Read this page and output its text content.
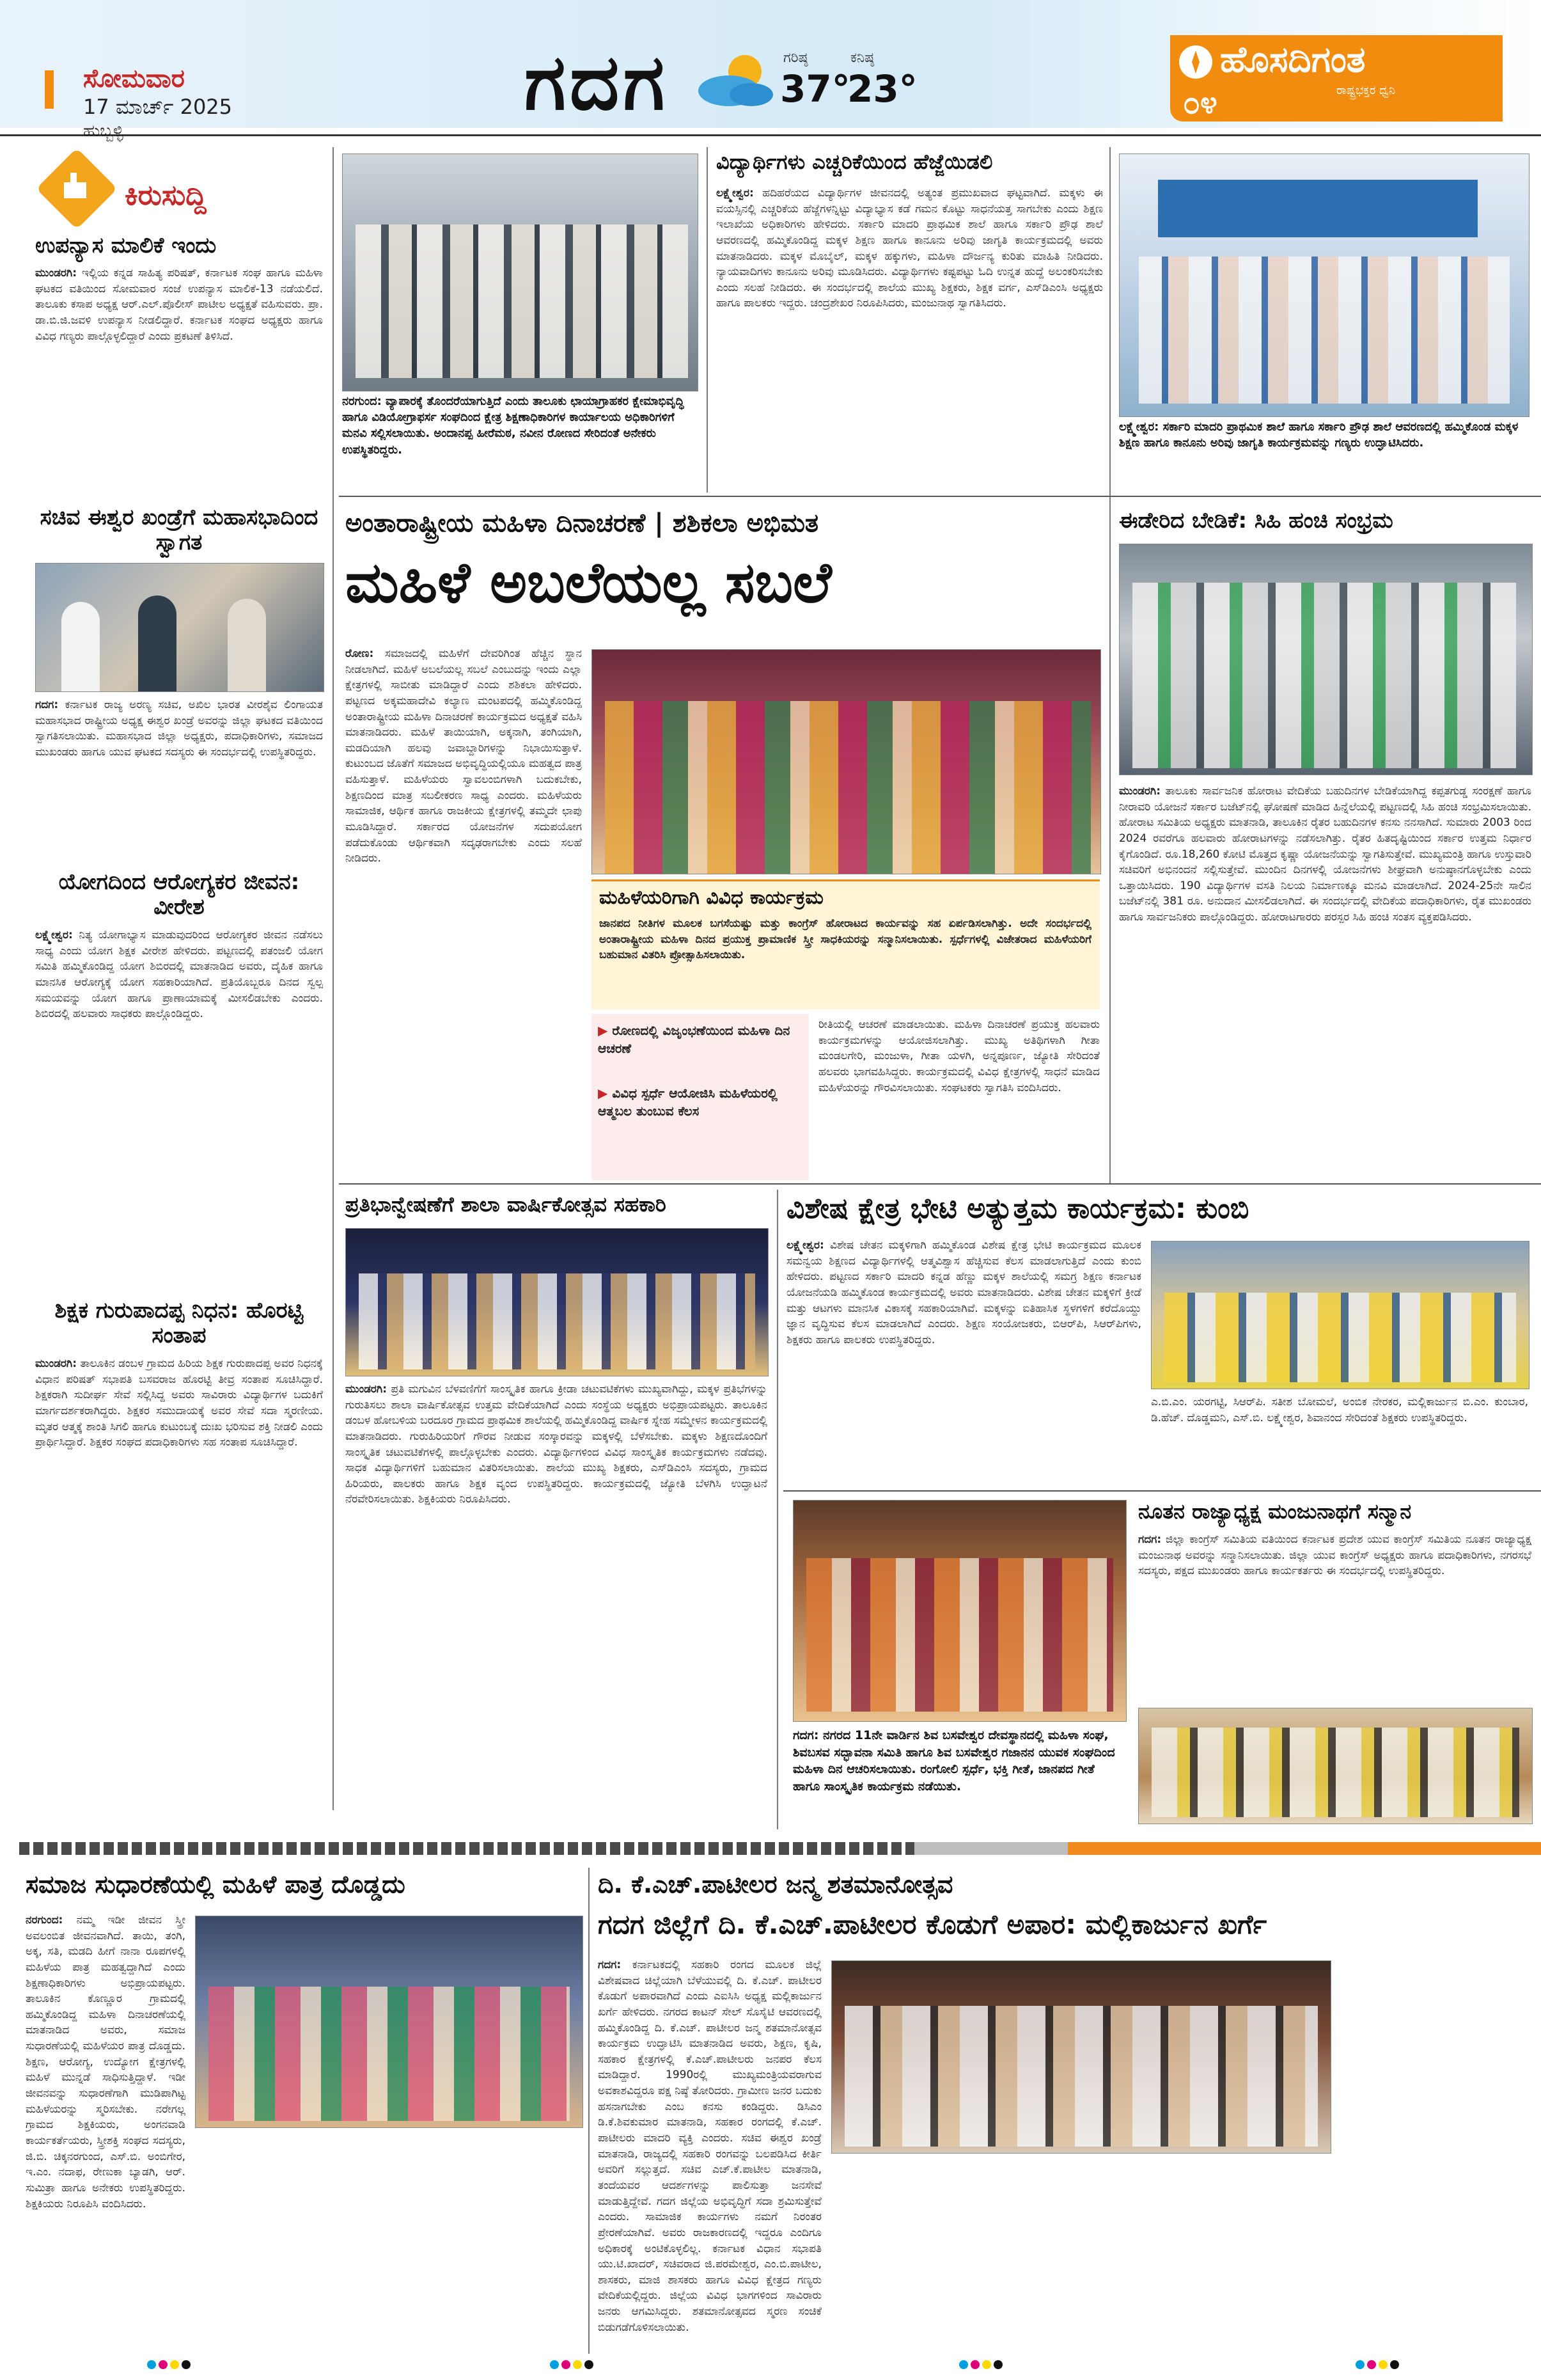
ಸೋಮವಾರ
17 ಮಾರ್ಚ್ 2025
ಹುಬ್ಬಳ್ಳಿ
ಗದಗ	ಗರಿಷ್ಠ
37°
ಕನಿಷ್ಠ
23°
ಹೊಸದಿಗಂತ
ರಾಷ್ಟ್ರಭಕ್ತರ ಧ್ವನಿ
೦೪
ಕಿರುಸುದ್ದಿ
ಉಪನ್ಯಾಸ ಮಾಲಿಕೆ ಇಂದು
ಮುಂಡರಗಿ: ಇಲ್ಲಿಯ ಕನ್ನಡ ಸಾಹಿತ್ಯ ಪರಿಷತ್, ಕರ್ನಾಟಕ ಸಂಘ ಹಾಗೂ ಮಹಿಳಾ ಘಟಕದ ವತಿಯಿಂದ ಸೋಮವಾರ ಸಂಜೆ ಉಪನ್ಯಾಸ ಮಾಲಿಕೆ-13 ನಡೆಯಲಿದೆ. ತಾಲೂಕು ಕಸಾಪ ಅಧ್ಯಕ್ಷ ಆರ್.ಎಲ್.ಪೊಲೀಸ್ ಪಾಟೀಲ ಅಧ್ಯಕ್ಷತೆ ವಹಿಸುವರು. ಪ್ರಾ. ಡಾ.ಬಿ.ಜಿ.ಜವಳಿ ಉಪನ್ಯಾಸ ನೀಡಲಿದ್ದಾರೆ. ಕರ್ನಾಟಕ ಸಂಘದ ಅಧ್ಯಕ್ಷರು ಹಾಗೂ ವಿವಿಧ ಗಣ್ಯರು ಪಾಲ್ಗೊಳ್ಳಲಿದ್ದಾರೆ ಎಂದು ಪ್ರಕಟಣೆ ತಿಳಿಸಿದೆ.
ಸಚಿವ ಈಶ್ವರ ಖಂಡ್ರೆಗೆ ಮಹಾಸಭಾದಿಂದ ಸ್ವಾಗತ
ಗದಗ: ಕರ್ನಾಟಕ ರಾಜ್ಯ ಅರಣ್ಯ ಸಚಿವ, ಅಖಿಲ ಭಾರತ ವೀರಶೈವ ಲಿಂಗಾಯತ ಮಹಾಸಭಾದ ರಾಷ್ಟ್ರೀಯ ಅಧ್ಯಕ್ಷ ಈಶ್ವರ ಖಂಡ್ರೆ ಅವರನ್ನು ಜಿಲ್ಲಾ ಘಟಕದ ವತಿಯಿಂದ ಸ್ವಾಗತಿಸಲಾಯಿತು. ಮಹಾಸಭಾದ ಜಿಲ್ಲಾ ಅಧ್ಯಕ್ಷರು, ಪದಾಧಿಕಾರಿಗಳು, ಸಮಾಜದ ಮುಖಂಡರು ಹಾಗೂ ಯುವ ಘಟಕದ ಸದಸ್ಯರು ಈ ಸಂದರ್ಭದಲ್ಲಿ ಉಪಸ್ಥಿತರಿದ್ದರು.
ಯೋಗದಿಂದ ಆರೋಗ್ಯಕರ ಜೀವನ: ವೀರೇಶ
ಲಕ್ಷ್ಮೇಶ್ವರ: ನಿತ್ಯ ಯೋಗಾಭ್ಯಾಸ ಮಾಡುವುದರಿಂದ ಆರೋಗ್ಯಕರ ಜೀವನ ನಡೆಸಲು ಸಾಧ್ಯ ಎಂದು ಯೋಗ ಶಿಕ್ಷಕ ವೀರೇಶ ಹೇಳಿದರು. ಪಟ್ಟಣದಲ್ಲಿ ಪತಂಜಲಿ ಯೋಗ ಸಮಿತಿ ಹಮ್ಮಿಕೊಂಡಿದ್ದ ಯೋಗ ಶಿಬಿರದಲ್ಲಿ ಮಾತನಾಡಿದ ಅವರು, ದೈಹಿಕ ಹಾಗೂ ಮಾನಸಿಕ ಆರೋಗ್ಯಕ್ಕೆ ಯೋಗ ಸಹಕಾರಿಯಾಗಿದೆ. ಪ್ರತಿಯೊಬ್ಬರೂ ದಿನದ ಸ್ವಲ್ಪ ಸಮಯವನ್ನು ಯೋಗ ಹಾಗೂ ಪ್ರಾಣಾಯಾಮಕ್ಕೆ ಮೀಸಲಿಡಬೇಕು ಎಂದರು. ಶಿಬಿರದಲ್ಲಿ ಹಲವಾರು ಸಾಧಕರು ಪಾಲ್ಗೊಂಡಿದ್ದರು.
ಶಿಕ್ಷಕ ಗುರುಪಾದಪ್ಪ ನಿಧನ: ಹೊರಟ್ಟಿ ಸಂತಾಪ
ಮುಂಡರಗಿ: ತಾಲೂಕಿನ ಡಂಬಳ ಗ್ರಾಮದ ಹಿರಿಯ ಶಿಕ್ಷಕ ಗುರುಪಾದಪ್ಪ ಅವರ ನಿಧನಕ್ಕೆ ವಿಧಾನ ಪರಿಷತ್ ಸಭಾಪತಿ ಬಸವರಾಜ ಹೊರಟ್ಟಿ ತೀವ್ರ ಸಂತಾಪ ಸೂಚಿಸಿದ್ದಾರೆ. ಶಿಕ್ಷಕರಾಗಿ ಸುದೀರ್ಘ ಸೇವೆ ಸಲ್ಲಿಸಿದ್ದ ಅವರು ಸಾವಿರಾರು ವಿದ್ಯಾರ್ಥಿಗಳ ಬದುಕಿಗೆ ಮಾರ್ಗದರ್ಶಕರಾಗಿದ್ದರು. ಶಿಕ್ಷಕರ ಸಮುದಾಯಕ್ಕೆ ಅವರ ಸೇವೆ ಸದಾ ಸ್ಮರಣೀಯ. ಮೃತರ ಆತ್ಮಕ್ಕೆ ಶಾಂತಿ ಸಿಗಲಿ ಹಾಗೂ ಕುಟುಂಬಕ್ಕೆ ದುಃಖ ಭರಿಸುವ ಶಕ್ತಿ ನೀಡಲಿ ಎಂದು ಪ್ರಾರ್ಥಿಸಿದ್ದಾರೆ. ಶಿಕ್ಷಕರ ಸಂಘದ ಪದಾಧಿಕಾರಿಗಳು ಸಹ ಸಂತಾಪ ಸೂಚಿಸಿದ್ದಾರೆ.
ನರಗುಂದ: ವ್ಯಾಪಾರಕ್ಕೆ ತೊಂದರೆಯಾಗುತ್ತಿದೆ ಎಂದು ತಾಲೂಕು ಛಾಯಾಗ್ರಾಹಕರ ಕ್ಷೇಮಾಭಿವೃದ್ಧಿ ಹಾಗೂ ವಿಡಿಯೋಗ್ರಾಫರ್ಸ ಸಂಘದಿಂದ ಕ್ಷೇತ್ರ ಶಿಕ್ಷಣಾಧಿಕಾರಿಗಳ ಕಾರ್ಯಾಲಯ ಅಧಿಕಾರಿಗಳಿಗೆ ಮನವಿ ಸಲ್ಲಿಸಲಾಯಿತು. ಅಂದಾನಪ್ಪ ಹೀರೆಮಠ, ನವೀನ ರೋಣದ ಸೇರಿದಂತೆ ಅನೇಕರು ಉಪಸ್ಥಿತರಿದ್ದರು.
ವಿದ್ಯಾರ್ಥಿಗಳು ಎಚ್ಚರಿಕೆಯಿಂದ ಹೆಜ್ಜೆಯಿಡಲಿ
ಲಕ್ಷ್ಮೇಶ್ವರ: ಹದಿಹರೆಯದ ವಿದ್ಯಾರ್ಥಿಗಳ ಜೀವನದಲ್ಲಿ ಅತ್ಯಂತ ಪ್ರಮುಖವಾದ ಘಟ್ಟವಾಗಿದೆ. ಮಕ್ಕಳು ಈ ವಯಸ್ಸಿನಲ್ಲಿ ಎಚ್ಚರಿಕೆಯ ಹೆಜ್ಜೆಗಳನ್ನಿಟ್ಟು ವಿದ್ಯಾಭ್ಯಾಸ ಕಡೆ ಗಮನ ಕೊಟ್ಟು ಸಾಧನೆಯತ್ತ ಸಾಗಬೇಕು ಎಂದು ಶಿಕ್ಷಣ ಇಲಾಖೆಯ ಅಧಿಕಾರಿಗಳು ಹೇಳಿದರು. ಸರ್ಕಾರಿ ಮಾದರಿ ಪ್ರಾಥಮಿಕ ಶಾಲೆ ಹಾಗೂ ಸರ್ಕಾರಿ ಪ್ರೌಢ ಶಾಲೆ ಆವರಣದಲ್ಲಿ ಹಮ್ಮಿಕೊಂಡಿದ್ದ ಮಕ್ಕಳ ಶಿಕ್ಷಣ ಹಾಗೂ ಕಾನೂನು ಅರಿವು ಜಾಗೃತಿ ಕಾರ್ಯಕ್ರಮದಲ್ಲಿ ಅವರು ಮಾತನಾಡಿದರು. ಮಕ್ಕಳ ಮೊಬೈಲ್, ಮಕ್ಕಳ ಹಕ್ಕುಗಳು, ಮಹಿಳಾ ದೌರ್ಜನ್ಯ ಕುರಿತು ಮಾಹಿತಿ ನೀಡಿದರು. ನ್ಯಾಯವಾದಿಗಳು ಕಾನೂನು ಅರಿವು ಮೂಡಿಸಿದರು. ವಿದ್ಯಾರ್ಥಿಗಳು ಕಷ್ಟಪಟ್ಟು ಓದಿ ಉನ್ನತ ಹುದ್ದೆ ಅಲಂಕರಿಸಬೇಕು ಎಂದು ಸಲಹೆ ನೀಡಿದರು. ಈ ಸಂದರ್ಭದಲ್ಲಿ ಶಾಲೆಯ ಮುಖ್ಯ ಶಿಕ್ಷಕರು, ಶಿಕ್ಷಕ ವರ್ಗ, ಎಸ್‌ಡಿಎಂಸಿ ಅಧ್ಯಕ್ಷರು ಹಾಗೂ ಪಾಲಕರು ಇದ್ದರು. ಚಂದ್ರಶೇಖರ ನಿರೂಪಿಸಿದರು, ಮಂಜುನಾಥ ಸ್ವಾಗತಿಸಿದರು.
ಲಕ್ಷ್ಮೇಶ್ವರ: ಸರ್ಕಾರಿ ಮಾದರಿ ಪ್ರಾಥಮಿಕ ಶಾಲೆ ಹಾಗೂ ಸರ್ಕಾರಿ ಪ್ರೌಢ ಶಾಲೆ ಆವರಣದಲ್ಲಿ ಹಮ್ಮಿಕೊಂಡ ಮಕ್ಕಳ ಶಿಕ್ಷಣ ಹಾಗೂ ಕಾನೂನು ಅರಿವು ಜಾಗೃತಿ ಕಾರ್ಯಕ್ರಮವನ್ನು ಗಣ್ಯರು ಉದ್ಘಾಟಿಸಿದರು.
ಅಂತಾರಾಷ್ಟ್ರೀಯ ಮಹಿಳಾ ದಿನಾಚರಣೆ | ಶಶಿಕಲಾ ಅಭಿಮತ
ಮಹಿಳೆ ಅಬಲೆಯಲ್ಲ ಸಬಲೆ
ರೋಣ: ಸಮಾಜದಲ್ಲಿ ಮಹಿಳೆಗೆ ದೇವರಿಗಿಂತ ಹೆಚ್ಚಿನ ಸ್ಥಾನ ನೀಡಲಾಗಿದೆ. ಮಹಿಳೆ ಅಬಲೆಯಲ್ಲ ಸಬಲೆ ಎಂಬುದನ್ನು ಇಂದು ಎಲ್ಲಾ ಕ್ಷೇತ್ರಗಳಲ್ಲಿ ಸಾಬೀತು ಮಾಡಿದ್ದಾರೆ ಎಂದು ಶಶಿಕಲಾ ಹೇಳಿದರು. ಪಟ್ಟಣದ ಅಕ್ಕಮಹಾದೇವಿ ಕಲ್ಯಾಣ ಮಂಟಪದಲ್ಲಿ ಹಮ್ಮಿಕೊಂಡಿದ್ದ ಅಂತಾರಾಷ್ಟ್ರೀಯ ಮಹಿಳಾ ದಿನಾಚರಣೆ ಕಾರ್ಯಕ್ರಮದ ಅಧ್ಯಕ್ಷತೆ ವಹಿಸಿ ಮಾತನಾಡಿದರು. ಮಹಿಳೆ ತಾಯಿಯಾಗಿ, ಅಕ್ಕನಾಗಿ, ತಂಗಿಯಾಗಿ, ಮಡದಿಯಾಗಿ ಹಲವು ಜವಾಬ್ದಾರಿಗಳನ್ನು ನಿಭಾಯಿಸುತ್ತಾಳೆ. ಕುಟುಂಬದ ಜೊತೆಗೆ ಸಮಾಜದ ಅಭಿವೃದ್ಧಿಯಲ್ಲಿಯೂ ಮಹತ್ವದ ಪಾತ್ರ ವಹಿಸುತ್ತಾಳೆ. ಮಹಿಳೆಯರು ಸ್ವಾವಲಂಬಿಗಳಾಗಿ ಬದುಕಬೇಕು, ಶಿಕ್ಷಣದಿಂದ ಮಾತ್ರ ಸಬಲೀಕರಣ ಸಾಧ್ಯ ಎಂದರು. ಮಹಿಳೆಯರು ಸಾಮಾಜಿಕ, ಆರ್ಥಿಕ ಹಾಗೂ ರಾಜಕೀಯ ಕ್ಷೇತ್ರಗಳಲ್ಲಿ ತಮ್ಮದೇ ಛಾಪು ಮೂಡಿಸಿದ್ದಾರೆ. ಸರ್ಕಾರದ ಯೋಜನೆಗಳ ಸದುಪಯೋಗ ಪಡೆದುಕೊಂಡು ಆರ್ಥಿಕವಾಗಿ ಸದೃಢರಾಗಬೇಕು ಎಂದು ಸಲಹೆ ನೀಡಿದರು.
ಮಹಿಳೆಯರಿಗಾಗಿ ವಿವಿಧ ಕಾರ್ಯಕ್ರಮ
ಜಾನಪದ ನೀತಿಗಳ ಮೂಲಕ ಬಗಸೆಯಷ್ಟು ಮತ್ತು ಕಾಂಗ್ರೆಸ್ ಹೋರಾಟದ ಕಾರ್ಯವನ್ನು ಸಹ ಏರ್ಪಡಿಸಲಾಗಿತ್ತು. ಅದೇ ಸಂದರ್ಭದಲ್ಲಿ ಅಂತಾರಾಷ್ಟ್ರೀಯ ಮಹಿಳಾ ದಿನದ ಪ್ರಯುಕ್ತ ಪ್ರಾಮಾಣಿಕ ಸ್ತ್ರೀ ಸಾಧಕಿಯರನ್ನು ಸನ್ಮಾನಿಸಲಾಯಿತು. ಸ್ಪರ್ಧೆಗಳಲ್ಲಿ ವಿಜೇತರಾದ ಮಹಿಳೆಯರಿಗೆ ಬಹುಮಾನ ವಿತರಿಸಿ ಪ್ರೋತ್ಸಾಹಿಸಲಾಯಿತು.
▶ ರೋಣದಲ್ಲಿ ವಿಜೃಂಭಣೆಯಿಂದ ಮಹಿಳಾ ದಿನ ಆಚರಣೆ
▶ ವಿವಿಧ ಸ್ಪರ್ಧೆ ಆಯೋಜಿಸಿ ಮಹಿಳೆಯರಲ್ಲಿ ಆತ್ಮಬಲ ತುಂಬುವ ಕೆಲಸ
ರೀತಿಯಲ್ಲಿ ಆಚರಣೆ ಮಾಡಲಾಯಿತು. ಮಹಿಳಾ ದಿನಾಚರಣೆ ಪ್ರಯುಕ್ತ ಹಲವಾರು ಕಾರ್ಯಕ್ರಮಗಳನ್ನು ಆಯೋಜಿಸಲಾಗಿತ್ತು. ಮುಖ್ಯ ಅತಿಥಿಗಳಾಗಿ ಗೀತಾ ಮಂಡಲಗೇರಿ, ಮಂಜುಳಾ, ಗೀತಾ ಯಳಗಿ, ಅನ್ನಪೂರ್ಣ, ಜ್ಯೋತಿ ಸೇರಿದಂತೆ ಹಲವರು ಭಾಗವಹಿಸಿದ್ದರು. ಕಾರ್ಯಕ್ರಮದಲ್ಲಿ ವಿವಿಧ ಕ್ಷೇತ್ರಗಳಲ್ಲಿ ಸಾಧನೆ ಮಾಡಿದ ಮಹಿಳೆಯರನ್ನು ಗೌರವಿಸಲಾಯಿತು. ಸಂಘಟಕರು ಸ್ವಾಗತಿಸಿ ವಂದಿಸಿದರು.
ಈಡೇರಿದ ಬೇಡಿಕೆ: ಸಿಹಿ ಹಂಚಿ ಸಂಭ್ರಮ
ಮುಂಡರಗಿ: ತಾಲೂಕು ಸಾರ್ವಜನಿಕ ಹೋರಾಟ ವೇದಿಕೆಯ ಬಹುದಿನಗಳ ಬೇಡಿಕೆಯಾಗಿದ್ದ ಕಪ್ಪತಗುಡ್ಡ ಸಂರಕ್ಷಣೆ ಹಾಗೂ ನೀರಾವರಿ ಯೋಜನೆ ಸರ್ಕಾರ ಬಜೆಟ್‌ನಲ್ಲಿ ಘೋಷಣೆ ಮಾಡಿದ ಹಿನ್ನೆಲೆಯಲ್ಲಿ ಪಟ್ಟಣದಲ್ಲಿ ಸಿಹಿ ಹಂಚಿ ಸಂಭ್ರಮಿಸಲಾಯಿತು. ಹೋರಾಟ ಸಮಿತಿಯ ಅಧ್ಯಕ್ಷರು ಮಾತನಾಡಿ, ತಾಲೂಕಿನ ರೈತರ ಬಹುದಿನಗಳ ಕನಸು ನನಸಾಗಿದೆ. ಸುಮಾರು 2003 ರಿಂದ 2024 ರವರೆಗೂ ಹಲವಾರು ಹೋರಾಟಗಳನ್ನು ನಡೆಸಲಾಗಿತ್ತು. ರೈತರ ಹಿತದೃಷ್ಟಿಯಿಂದ ಸರ್ಕಾರ ಉತ್ತಮ ನಿರ್ಧಾರ ಕೈಗೊಂಡಿದೆ. ರೂ.18,260 ಕೋಟಿ ಮೊತ್ತದ ಕೃಷ್ಣಾ ಯೋಜನೆಯನ್ನು ಸ್ವಾಗತಿಸುತ್ತೇವೆ. ಮುಖ್ಯಮಂತ್ರಿ ಹಾಗೂ ಉಸ್ತುವಾರಿ ಸಚಿವರಿಗೆ ಅಭಿನಂದನೆ ಸಲ್ಲಿಸುತ್ತೇವೆ. ಮುಂದಿನ ದಿನಗಳಲ್ಲಿ ಯೋಜನೆಗಳು ಶೀಘ್ರವಾಗಿ ಅನುಷ್ಠಾನಗೊಳ್ಳಬೇಕು ಎಂದು ಒತ್ತಾಯಿಸಿದರು. 190 ವಿದ್ಯಾರ್ಥಿಗಳ ವಸತಿ ನಿಲಯ ನಿರ್ಮಾಣಕ್ಕೂ ಮನವಿ ಮಾಡಲಾಗಿದೆ. 2024-25ನೇ ಸಾಲಿನ ಬಜೆಟ್‌ನಲ್ಲಿ 381 ರೂ. ಅನುದಾನ ಮೀಸಲಿಡಲಾಗಿದೆ. ಈ ಸಂದರ್ಭದಲ್ಲಿ ವೇದಿಕೆಯ ಪದಾಧಿಕಾರಿಗಳು, ರೈತ ಮುಖಂಡರು ಹಾಗೂ ಸಾರ್ವಜನಿಕರು ಪಾಲ್ಗೊಂಡಿದ್ದರು. ಹೋರಾಟಗಾರರು ಪರಸ್ಪರ ಸಿಹಿ ಹಂಚಿ ಸಂತಸ ವ್ಯಕ್ತಪಡಿಸಿದರು.
ಪ್ರತಿಭಾನ್ವೇಷಣೆಗೆ ಶಾಲಾ ವಾರ್ಷಿಕೋತ್ಸವ ಸಹಕಾರಿ
ಮುಂಡರಗಿ: ಪ್ರತಿ ಮಗುವಿನ ಬೆಳವಣಿಗೆಗೆ ಸಾಂಸ್ಕೃತಿಕ ಹಾಗೂ ಕ್ರೀಡಾ ಚಟುವಟಿಕೆಗಳು ಮುಖ್ಯವಾಗಿದ್ದು, ಮಕ್ಕಳ ಪ್ರತಿಭೆಗಳನ್ನು ಗುರುತಿಸಲು ಶಾಲಾ ವಾರ್ಷಿಕೋತ್ಸವ ಉತ್ತಮ ವೇದಿಕೆಯಾಗಿದೆ ಎಂದು ಸಂಸ್ಥೆಯ ಅಧ್ಯಕ್ಷರು ಅಭಿಪ್ರಾಯಪಟ್ಟರು. ತಾಲೂಕಿನ ಡಂಬಳ ಹೋಬಳಿಯ ಬರದೂರ ಗ್ರಾಮದ ಪ್ರಾಥಮಿಕ ಶಾಲೆಯಲ್ಲಿ ಹಮ್ಮಿಕೊಂಡಿದ್ದ ವಾರ್ಷಿಕ ಸ್ನೇಹ ಸಮ್ಮೇಳನ ಕಾರ್ಯಕ್ರಮದಲ್ಲಿ ಮಾತನಾಡಿದರು. ಗುರುಹಿರಿಯರಿಗೆ ಗೌರವ ನೀಡುವ ಸಂಸ್ಕಾರವನ್ನು ಮಕ್ಕಳಲ್ಲಿ ಬೆಳೆಸಬೇಕು. ಮಕ್ಕಳು ಶಿಕ್ಷಣದೊಂದಿಗೆ ಸಾಂಸ್ಕೃತಿಕ ಚಟುವಟಿಕೆಗಳಲ್ಲಿ ಪಾಲ್ಗೊಳ್ಳಬೇಕು ಎಂದರು. ವಿದ್ಯಾರ್ಥಿಗಳಿಂದ ವಿವಿಧ ಸಾಂಸ್ಕೃತಿಕ ಕಾರ್ಯಕ್ರಮಗಳು ನಡೆದವು. ಸಾಧಕ ವಿದ್ಯಾರ್ಥಿಗಳಿಗೆ ಬಹುಮಾನ ವಿತರಿಸಲಾಯಿತು. ಶಾಲೆಯ ಮುಖ್ಯ ಶಿಕ್ಷಕರು, ಎಸ್‌ಡಿಎಂಸಿ ಸದಸ್ಯರು, ಗ್ರಾಮದ ಹಿರಿಯರು, ಪಾಲಕರು ಹಾಗೂ ಶಿಕ್ಷಕ ವೃಂದ ಉಪಸ್ಥಿತರಿದ್ದರು. ಕಾರ್ಯಕ್ರಮದಲ್ಲಿ ಜ್ಯೋತಿ ಬೆಳಗಿಸಿ ಉದ್ಘಾಟನೆ ನೆರವೇರಿಸಲಾಯಿತು. ಶಿಕ್ಷಕಿಯರು ನಿರೂಪಿಸಿದರು.
ವಿಶೇಷ ಕ್ಷೇತ್ರ ಭೇಟಿ ಅತ್ಯುತ್ತಮ ಕಾರ್ಯಕ್ರಮ: ಕುಂಬಿ
ಲಕ್ಷ್ಮೇಶ್ವರ: ವಿಶೇಷ ಚೇತನ ಮಕ್ಕಳಿಗಾಗಿ ಹಮ್ಮಿಕೊಂಡ ವಿಶೇಷ ಕ್ಷೇತ್ರ ಭೇಟಿ ಕಾರ್ಯಕ್ರಮದ ಮೂಲಕ ಸಮನ್ವಯ ಶಿಕ್ಷಣದ ವಿದ್ಯಾರ್ಥಿಗಳಲ್ಲಿ ಆತ್ಮವಿಶ್ವಾಸ ಹೆಚ್ಚಿಸುವ ಕೆಲಸ ಮಾಡಲಾಗುತ್ತಿದೆ ಎಂದು ಕುಂಬಿ ಹೇಳಿದರು. ಪಟ್ಟಣದ ಸರ್ಕಾರಿ ಮಾದರಿ ಕನ್ನಡ ಹೆಣ್ಣು ಮಕ್ಕಳ ಶಾಲೆಯಲ್ಲಿ ಸಮಗ್ರ ಶಿಕ್ಷಣ ಕರ್ನಾಟಕ ಯೋಜನೆಯಡಿ ಹಮ್ಮಿಕೊಂಡ ಕಾರ್ಯಕ್ರಮದಲ್ಲಿ ಅವರು ಮಾತನಾಡಿದರು. ವಿಶೇಷ ಚೇತನ ಮಕ್ಕಳಿಗೆ ಕ್ರೀಡೆ ಮತ್ತು ಆಟಗಳು ಮಾನಸಿಕ ವಿಕಾಸಕ್ಕೆ ಸಹಕಾರಿಯಾಗಿವೆ. ಮಕ್ಕಳನ್ನು ಐತಿಹಾಸಿಕ ಸ್ಥಳಗಳಿಗೆ ಕರೆದೊಯ್ದು ಜ್ಞಾನ ವೃದ್ಧಿಸುವ ಕೆಲಸ ಮಾಡಲಾಗಿದೆ ಎಂದರು. ಶಿಕ್ಷಣ ಸಂಯೋಜಕರು, ಬಿಆರ್‌ಪಿ, ಸಿಆರ್‌ಪಿಗಳು, ಶಿಕ್ಷಕರು ಹಾಗೂ ಪಾಲಕರು ಉಪಸ್ಥಿತರಿದ್ದರು.
ಎ.ಬಿ.ಎಂ. ಯರಗಟ್ಟಿ, ಸಿಆರ್‌ಪಿ. ಸತೀಶ ಬೋಮಲೆ, ಅಂಬಿಕ ನೇರಕರ, ಮಲ್ಲಿಕಾರ್ಜುನ ಬಿ.ಎಂ. ಕುಂಬಾರ, ಡಿ.ಹೆಚ್. ದೊಡ್ಡಮನಿ, ಎಸ್.ಬಿ. ಲಕ್ಷ್ಮೇಶ್ವರ, ಶಿವಾನಂದ ಸೇರಿದಂತೆ ಶಿಕ್ಷಕರು ಉಪಸ್ಥಿತರಿದ್ದರು.
ಗದಗ: ನಗರದ 11ನೇ ವಾರ್ಡಿನ ಶಿವ ಬಸವೇಶ್ವರ ದೇವಸ್ಥಾನದಲ್ಲಿ ಮಹಿಳಾ ಸಂಘ, ಶಿವಬಸವ ಸದ್ಭಾವನಾ ಸಮಿತಿ ಹಾಗೂ ಶಿವ ಬಸವೇಶ್ವರ ಗಜಾನನ ಯುವಕ ಸಂಘದಿಂದ ಮಹಿಳಾ ದಿನ ಆಚರಿಸಲಾಯಿತು. ರಂಗೋಲಿ ಸ್ಪರ್ಧೆ, ಭಕ್ತಿ ಗೀತೆ, ಜಾನಪದ ಗೀತೆ ಹಾಗೂ ಸಾಂಸ್ಕೃತಿಕ ಕಾರ್ಯಕ್ರಮ ನಡೆಯಿತು.
ನೂತನ ರಾಜ್ಯಾಧ್ಯಕ್ಷ ಮಂಜುನಾಥಗೆ ಸನ್ಮಾನ
ಗದಗ: ಜಿಲ್ಲಾ ಕಾಂಗ್ರೆಸ್ ಸಮಿತಿಯ ವತಿಯಿಂದ ಕರ್ನಾಟಕ ಪ್ರದೇಶ ಯುವ ಕಾಂಗ್ರೆಸ್ ಸಮಿತಿಯ ನೂತನ ರಾಜ್ಯಾಧ್ಯಕ್ಷ ಮಂಜುನಾಥ ಅವರನ್ನು ಸನ್ಮಾನಿಸಲಾಯಿತು. ಜಿಲ್ಲಾ ಯುವ ಕಾಂಗ್ರೆಸ್ ಅಧ್ಯಕ್ಷರು ಹಾಗೂ ಪದಾಧಿಕಾರಿಗಳು, ನಗರಸಭೆ ಸದಸ್ಯರು, ಪಕ್ಷದ ಮುಖಂಡರು ಹಾಗೂ ಕಾರ್ಯಕರ್ತರು ಈ ಸಂದರ್ಭದಲ್ಲಿ ಉಪಸ್ಥಿತರಿದ್ದರು.
ಸಮಾಜ ಸುಧಾರಣೆಯಲ್ಲಿ ಮಹಿಳೆ ಪಾತ್ರ ದೊಡ್ಡದು
ನರಗುಂದ: ನಮ್ಮ ಇಡೀ ಜೀವನ ಸ್ತ್ರೀ ಅವಲಂಬಿತ ಜೀವನವಾಗಿದೆ. ತಾಯಿ, ತಂಗಿ, ಅಕ್ಕ, ಸತಿ, ಮಡದಿ ಹೀಗೆ ನಾನಾ ರೂಪಗಳಲ್ಲಿ ಮಹಿಳೆಯ ಪಾತ್ರ ಮಹತ್ವದ್ದಾಗಿದೆ ಎಂದು ಶಿಕ್ಷಣಾಧಿಕಾರಿಗಳು ಅಭಿಪ್ರಾಯಪಟ್ಟರು. ತಾಲೂಕಿನ ಕೊಣ್ಣೂರ ಗ್ರಾಮದಲ್ಲಿ ಹಮ್ಮಿಕೊಂಡಿದ್ದ ಮಹಿಳಾ ದಿನಾಚರಣೆಯಲ್ಲಿ ಮಾತನಾಡಿದ ಅವರು, ಸಮಾಜ ಸುಧಾರಣೆಯಲ್ಲಿ ಮಹಿಳೆಯರ ಪಾತ್ರ ದೊಡ್ಡದು. ಶಿಕ್ಷಣ, ಆರೋಗ್ಯ, ಉದ್ಯೋಗ ಕ್ಷೇತ್ರಗಳಲ್ಲಿ ಮಹಿಳೆ ಮುನ್ನಡೆ ಸಾಧಿಸುತ್ತಿದ್ದಾಳೆ. ಇಡೀ ಜೀವನವನ್ನು ಸುಧಾರಣೆಗಾಗಿ ಮುಡಿಪಾಗಿಟ್ಟ ಮಹಿಳೆಯರನ್ನು ಸ್ಮರಿಸಬೇಕು. ನರೇಗಲ್ಲ ಗ್ರಾಮದ ಶಿಕ್ಷಕಿಯರು, ಅಂಗನವಾಡಿ ಕಾರ್ಯಕರ್ತೆಯರು, ಸ್ತ್ರೀಶಕ್ತಿ ಸಂಘದ ಸದಸ್ಯರು, ಜಿ.ಬಿ. ಚಿಕ್ಕನರಗುಂದ, ಎಸ್.ಬಿ. ಅಂಬಿಗೇರ, ಇ.ಎಂ. ನದಾಫ, ರೇಣುಕಾ ಬ್ಯಾಡಗಿ, ಆರ್. ಸುಮಿತ್ರಾ ಹಾಗೂ ಅನೇಕರು ಉಪಸ್ಥಿತರಿದ್ದರು. ಶಿಕ್ಷಕಿಯರು ನಿರೂಪಿಸಿ ವಂದಿಸಿದರು.
ದಿ. ಕೆ.ಎಚ್.ಪಾಟೀಲರ ಜನ್ಮ ಶತಮಾನೋತ್ಸವ
ಗದಗ ಜಿಲ್ಲೆಗೆ ದಿ. ಕೆ.ಎಚ್.ಪಾಟೀಲರ ಕೊಡುಗೆ ಅಪಾರ: ಮಲ್ಲಿಕಾರ್ಜುನ ಖರ್ಗೆ
ಗದಗ: ಕರ್ನಾಟಕದಲ್ಲಿ ಸಹಕಾರಿ ರಂಗದ ಮೂಲಕ ಜಿಲ್ಲೆ ವಿಶೇಷವಾದ ಚಿಲ್ಲೆಯಾಗಿ ಬೆಳೆಯುವಲ್ಲಿ ದಿ. ಕೆ.ಎಚ್. ಪಾಟೀಲರ ಕೊಡುಗೆ ಅಪಾರವಾಗಿದೆ ಎಂದು ಎಐಸಿಸಿ ಅಧ್ಯಕ್ಷ ಮಲ್ಲಿಕಾರ್ಜುನ ಖರ್ಗೆ ಹೇಳಿದರು. ನಗರದ ಕಾಟನ್ ಸೇಲ್ ಸೊಸೈಟಿ ಆವರಣದಲ್ಲಿ ಹಮ್ಮಿಕೊಂಡಿದ್ದ ದಿ. ಕೆ.ಎಚ್. ಪಾಟೀಲರ ಜನ್ಮ ಶತಮಾನೋತ್ಸವ ಕಾರ್ಯಕ್ರಮ ಉದ್ಘಾಟಿಸಿ ಮಾತನಾಡಿದ ಅವರು, ಶಿಕ್ಷಣ, ಕೃಷಿ, ಸಹಕಾರ ಕ್ಷೇತ್ರಗಳಲ್ಲಿ ಕೆ.ಎಚ್.ಪಾಟೀಲರು ಜನಪರ ಕೆಲಸ ಮಾಡಿದ್ದಾರೆ. 1990ರಲ್ಲಿ ಮುಖ್ಯಮಂತ್ರಿಯವರಾಗುವ ಅವಕಾಶವಿದ್ದರೂ ಪಕ್ಷ ನಿಷ್ಠೆ ತೋರಿದರು. ಗ್ರಾಮೀಣ ಜನರ ಬದುಕು ಹಸನಾಗಬೇಕು ಎಂಬ ಕನಸು ಕಂಡಿದ್ದರು. ಡಿಸಿಎಂ ಡಿ.ಕೆ.ಶಿವಕುಮಾರ ಮಾತನಾಡಿ, ಸಹಕಾರ ರಂಗದಲ್ಲಿ ಕೆ.ಎಚ್. ಪಾಟೀಲರು ಮಾದರಿ ವ್ಯಕ್ತಿ ಎಂದರು. ಸಚಿವ ಈಶ್ವರ ಖಂಡ್ರೆ ಮಾತನಾಡಿ, ರಾಜ್ಯದಲ್ಲಿ ಸಹಕಾರಿ ರಂಗವನ್ನು ಬಲಪಡಿಸಿದ ಕೀರ್ತಿ ಅವರಿಗೆ ಸಲ್ಲುತ್ತದೆ. ಸಚಿವ ಎಚ್.ಕೆ.ಪಾಟೀಲ ಮಾತನಾಡಿ, ತಂದೆಯವರ ಆದರ್ಶಗಳನ್ನು ಪಾಲಿಸುತ್ತಾ ಜನಸೇವೆ ಮಾಡುತ್ತಿದ್ದೇವೆ. ಗದಗ ಜಿಲ್ಲೆಯ ಅಭಿವೃದ್ಧಿಗೆ ಸದಾ ಶ್ರಮಿಸುತ್ತೇವೆ ಎಂದರು. ಸಾಮಾಜಿಕ ಕಾರ್ಯಗಳು ನಮಗೆ ನಿರಂತರ ಪ್ರೇರಣೆಯಾಗಿವೆ. ಅವರು ರಾಜಕಾರಣದಲ್ಲಿ ಇದ್ದರೂ ಎಂದಿಗೂ ಅಧಿಕಾರಕ್ಕೆ ಅಂಟಿಕೊಳ್ಳಲಿಲ್ಲ. ಕರ್ನಾಟಕ ವಿಧಾನ ಸಭಾಪತಿ ಯು.ಟಿ.ಖಾದರ್, ಸಚಿವರಾದ ಜಿ.ಪರಮೇಶ್ವರ, ಎಂ.ಬಿ.ಪಾಟೀಲ, ಶಾಸಕರು, ಮಾಜಿ ಶಾಸಕರು ಹಾಗೂ ವಿವಿಧ ಕ್ಷೇತ್ರದ ಗಣ್ಯರು ವೇದಿಕೆಯಲ್ಲಿದ್ದರು. ಜಿಲ್ಲೆಯ ವಿವಿಧ ಭಾಗಗಳಿಂದ ಸಾವಿರಾರು ಜನರು ಆಗಮಿಸಿದ್ದರು. ಶತಮಾನೋತ್ಸವದ ಸ್ಮರಣ ಸಂಚಿಕೆ ಬಿಡುಗಡೆಗೊಳಿಸಲಾಯಿತು.
